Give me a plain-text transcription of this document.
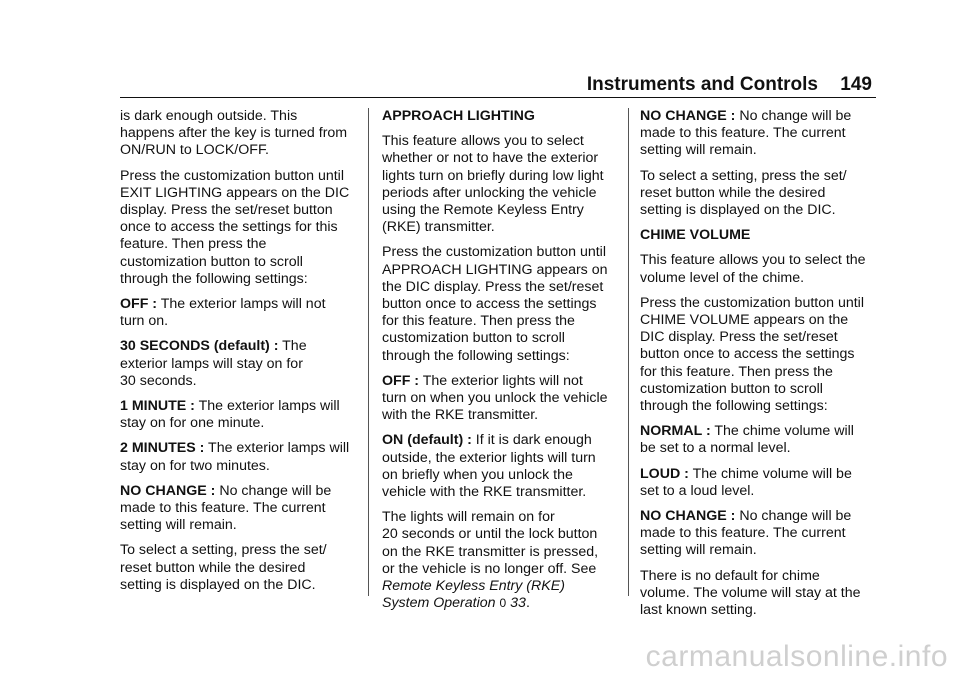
Instruments and Controls 149

is dark enough outside. This
happens after the key is turned from
ON/RUN to LOCK/OFF.

Press the customization button until
EXIT LIGHTING appears on the DIC
display. Press the set/reset button
once to access the settings for this
feature. Then press the
customization button to scroll
through the following settings:

OFF : The exterior lamps will not
turn on.

30 SECONDS (default) : The
exterior lamps will stay on for
30 seconds.

1 MINUTE : The exterior lamps will
stay on for one minute.

2 MINUTES : The exterior lamps will
stay on for two minutes.

NO CHANGE : No change will be
made to this feature. The current
setting will remain.

To select a setting, press the set/
reset button while the desired
setting is displayed on the DIC.

APPROACH LIGHTING

This feature allows you to select
whether or not to have the exterior
lights turn on briefly during low light
periods after unlocking the vehicle
using the Remote Keyless Entry
(RKE) transmitter.

Press the customization button until
APPROACH LIGHTING appears on
the DIC display. Press the set/reset
button once to access the settings
for this feature. Then press the
customization button to scroll
through the following settings:

OFF : The exterior lights will not
turn on when you unlock the vehicle
with the RKE transmitter.

ON (default) : If it is dark enough
outside, the exterior lights will turn
on briefly when you unlock the
vehicle with the RKE transmitter.

The lights will remain on for
20 seconds or until the lock button
on the RKE transmitter is pressed,
or the vehicle is no longer off. See
Remote Keyless Entry (RKE)
System Operation 0 33.

NO CHANGE : No change will be
made to this feature. The current
setting will remain.

To select a setting, press the set/
reset button while the desired
setting is displayed on the DIC.

CHIME VOLUME

This feature allows you to select the
volume level of the chime.

Press the customization button until
CHIME VOLUME appears on the
DIC display. Press the set/reset
button once to access the settings
for this feature. Then press the
customization button to scroll
through the following settings:

NORMAL : The chime volume will
be set to a normal level.

LOUD : The chime volume will be
set to a loud level.

NO CHANGE : No change will be
made to this feature. The current
setting will remain.

There is no default for chime
volume. The volume will stay at the
last known setting.

carmanualsonline.info
